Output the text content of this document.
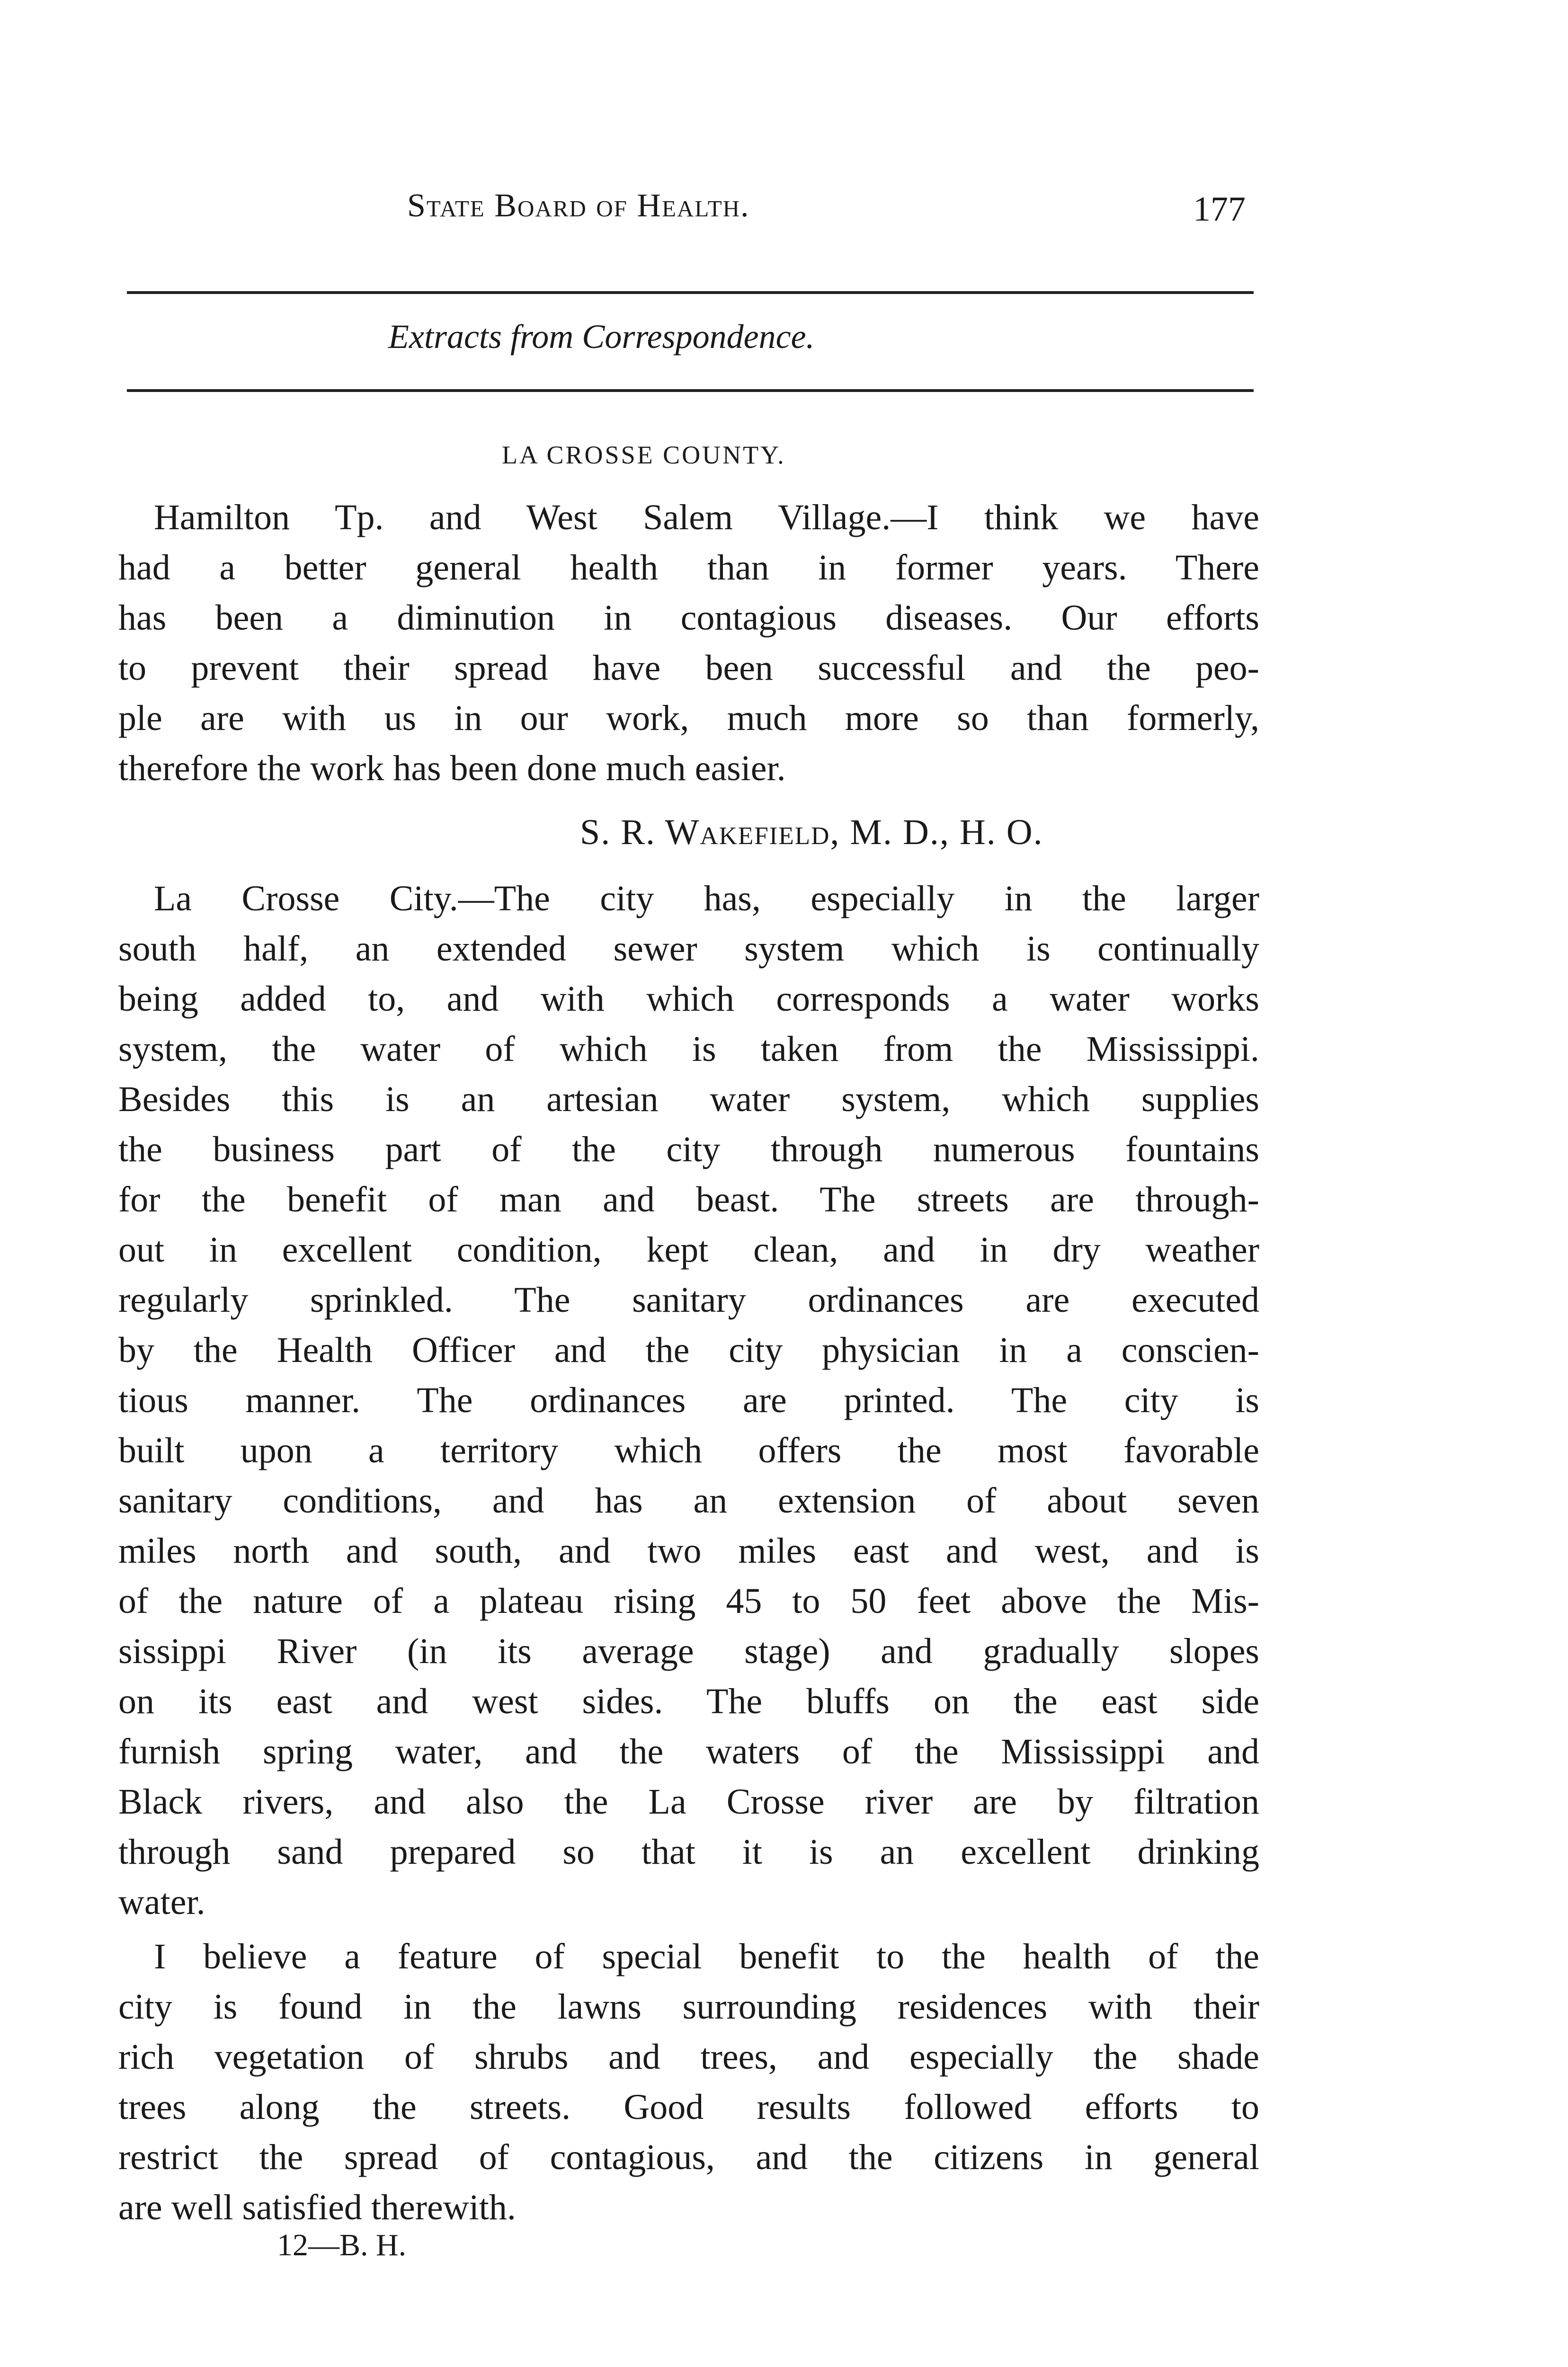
State Board of Health.	177
Extracts from Correspondence.
LA CROSSE COUNTY.
Hamilton Tp. and West Salem Village.—I think we have
had a better general health than in former years. There
has been a diminution in contagious diseases. Our efforts
to prevent their spread have been successful and the peo-
ple are with us in our work, much more so than formerly,
therefore the work has been done much easier.
S. R. Wakefield, M. D., H. O.
La Crosse City.—The city has, especially in the larger
south half, an extended sewer system which is continually
being added to, and with which corresponds a water works
system, the water of which is taken from the Mississippi.
Besides this is an artesian water system, which supplies
the business part of the city through numerous fountains
for the benefit of man and beast. The streets are through-
out in excellent condition, kept clean, and in dry weather
regularly sprinkled. The sanitary ordinances are executed
by the Health Officer and the city physician in a conscien-
tious manner. The ordinances are printed. The city is
built upon a territory which offers the most favorable
sanitary conditions, and has an extension of about seven
miles north and south, and two miles east and west, and is
of the nature of a plateau rising 45 to 50 feet above the Mis-
sissippi River (in its average stage) and gradually slopes
on its east and west sides. The bluffs on the east side
furnish spring water, and the waters of the Mississippi and
Black rivers, and also the La Crosse river are by filtration
through sand prepared so that it is an excellent drinking
water.
I believe a feature of special benefit to the health of the
city is found in the lawns surrounding residences with their
rich vegetation of shrubs and trees, and especially the shade
trees along the streets. Good results followed efforts to
restrict the spread of contagious, and the citizens in general
are well satisfied therewith.
12—B. H.
